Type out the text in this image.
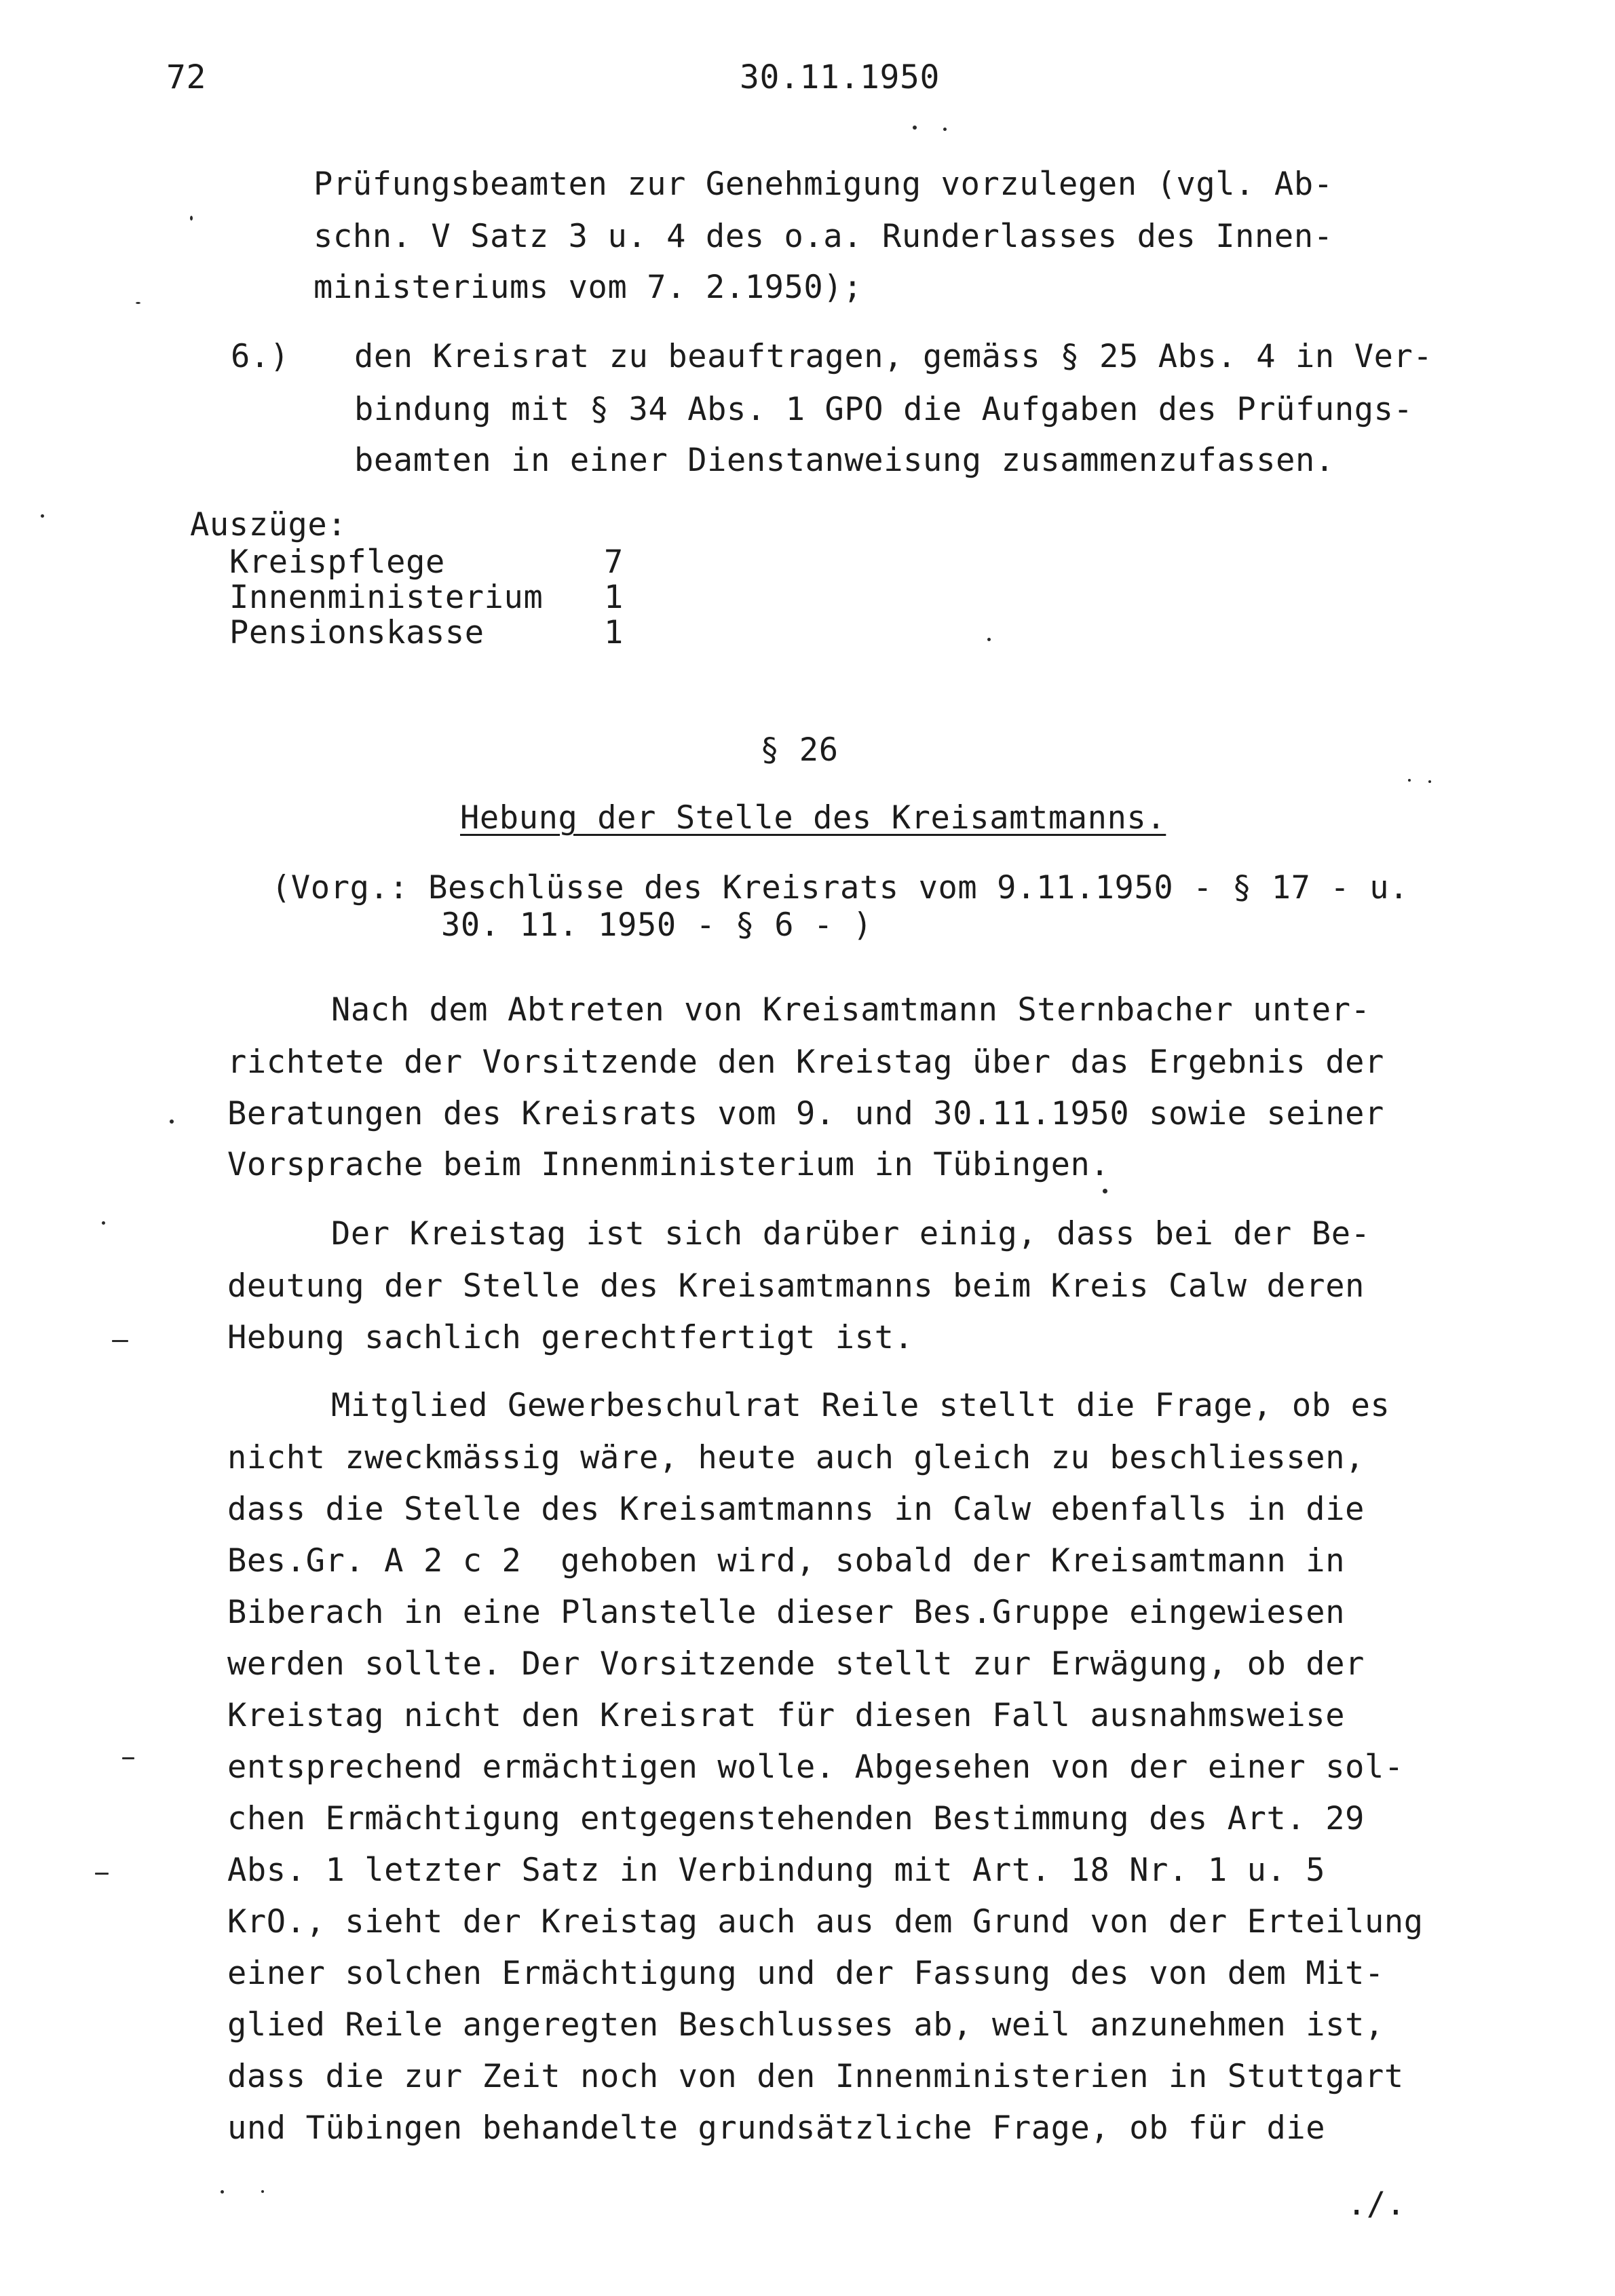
72	30.11.1950
Prüfungsbeamten zur Genehmigung vorzulegen (vgl. Ab-
schn. V Satz 3 u. 4 des o.a. Runderlasses des Innen-
ministeriums vom 7. 2.1950);
6.) den Kreisrat zu beauftragen, gemäss § 25 Abs. 4 in Ver-
bindung mit § 34 Abs. 1 GPO die Aufgaben des Prüfungs-
beamten in einer Dienstanweisung zusammenzufassen.
Auszüge:
Kreispflege	7
Innenministerium 1
Pensionskasse	1
§ 26
Hebung der Stelle des Kreisamtmanns.
(Vorg.: Beschlüsse des Kreisrats vom 9.11.1950 - § 17 - u.
30. 11. 1950 - § 6 - )
Nach dem Abtreten von Kreisamtmann Sternbacher unter-
richtete der Vorsitzende den Kreistag über das Ergebnis der
Beratungen des Kreisrats vom 9. und 30.11.1950 sowie seiner
Vorsprache beim Innenministerium in Tübingen.
Der Kreistag ist sich darüber einig, dass bei der Be-
deutung der Stelle des Kreisamtmanns beim Kreis Calw deren
Hebung sachlich gerechtfertigt ist.
Mitglied Gewerbeschulrat Reile stellt die Frage, ob es
nicht zweckmässig wäre, heute auch gleich zu beschliessen,
dass die Stelle des Kreisamtmanns in Calw ebenfalls in die
Bes.Gr. A 2 c 2  gehoben wird, sobald der Kreisamtmann in
Biberach in eine Planstelle dieser Bes.Gruppe eingewiesen
werden sollte. Der Vorsitzende stellt zur Erwägung, ob der
Kreistag nicht den Kreisrat für diesen Fall ausnahmsweise
entsprechend ermächtigen wolle. Abgesehen von der einer sol-
chen Ermächtigung entgegenstehenden Bestimmung des Art. 29
Abs. 1 letzter Satz in Verbindung mit Art. 18 Nr. 1 u. 5
KrO., sieht der Kreistag auch aus dem Grund von der Erteilung
einer solchen Ermächtigung und der Fassung des von dem Mit-
glied Reile angeregten Beschlusses ab, weil anzunehmen ist,
dass die zur Zeit noch von den Innenministerien in Stuttgart
und Tübingen behandelte grundsätzliche Frage, ob für die
./.
